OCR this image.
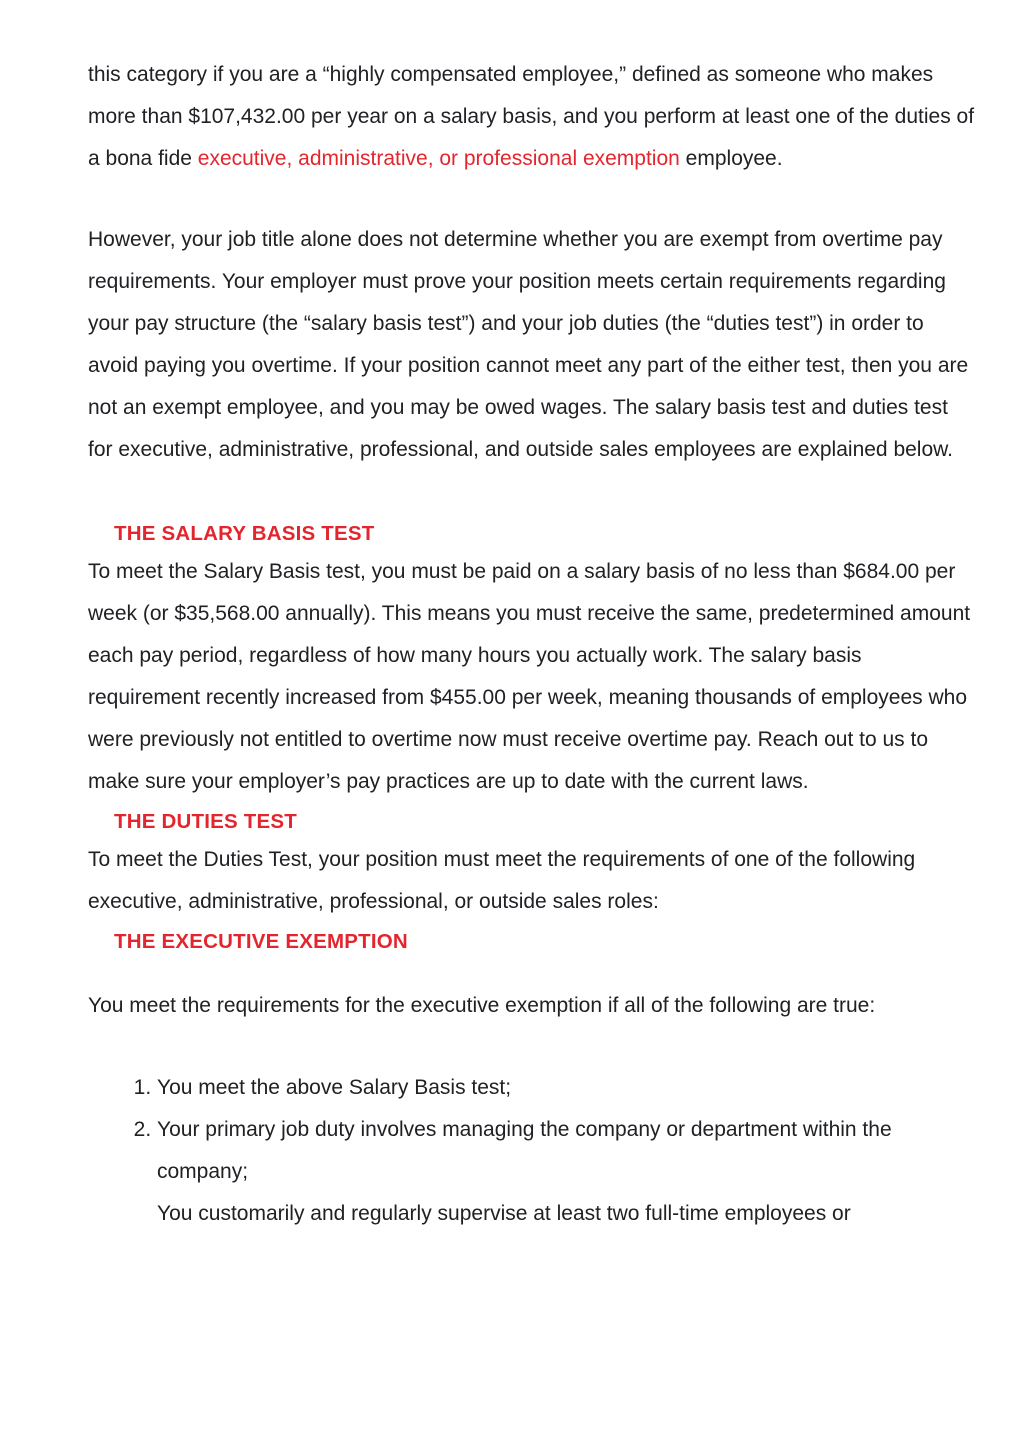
this category if you are a “highly compensated employee,” defined as someone who makes more than $107,432.00 per year on a salary basis, and you perform at least one of the duties of a bona fide executive, administrative, or professional exemption employee.

However, your job title alone does not determine whether you are exempt from overtime pay requirements. Your employer must prove your position meets certain requirements regarding your pay structure (the “salary basis test”) and your job duties (the “duties test”) in order to avoid paying you overtime. If your position cannot meet any part of the either test, then you are not an exempt employee, and you may be owed wages. The salary basis test and duties test for executive, administrative, professional, and outside sales employees are explained below.

THE SALARY BASIS TEST

To meet the Salary Basis test, you must be paid on a salary basis of no less than $684.00 per week (or $35,568.00 annually). This means you must receive the same, predetermined amount each pay period, regardless of how many hours you actually work. The salary basis requirement recently increased from $455.00 per week, meaning thousands of employees who were previously not entitled to overtime now must receive overtime pay. Reach out to us to make sure your employer’s pay practices are up to date with the current laws.

THE DUTIES TEST

To meet the Duties Test, your position must meet the requirements of one of the following executive, administrative, professional, or outside sales roles:

THE EXECUTIVE EXEMPTION

You meet the requirements for the executive exemption if all of the following are true:

1. You meet the above Salary Basis test;
2. Your primary job duty involves managing the company or department within the company;
You customarily and regularly supervise at least two full-time employees or
